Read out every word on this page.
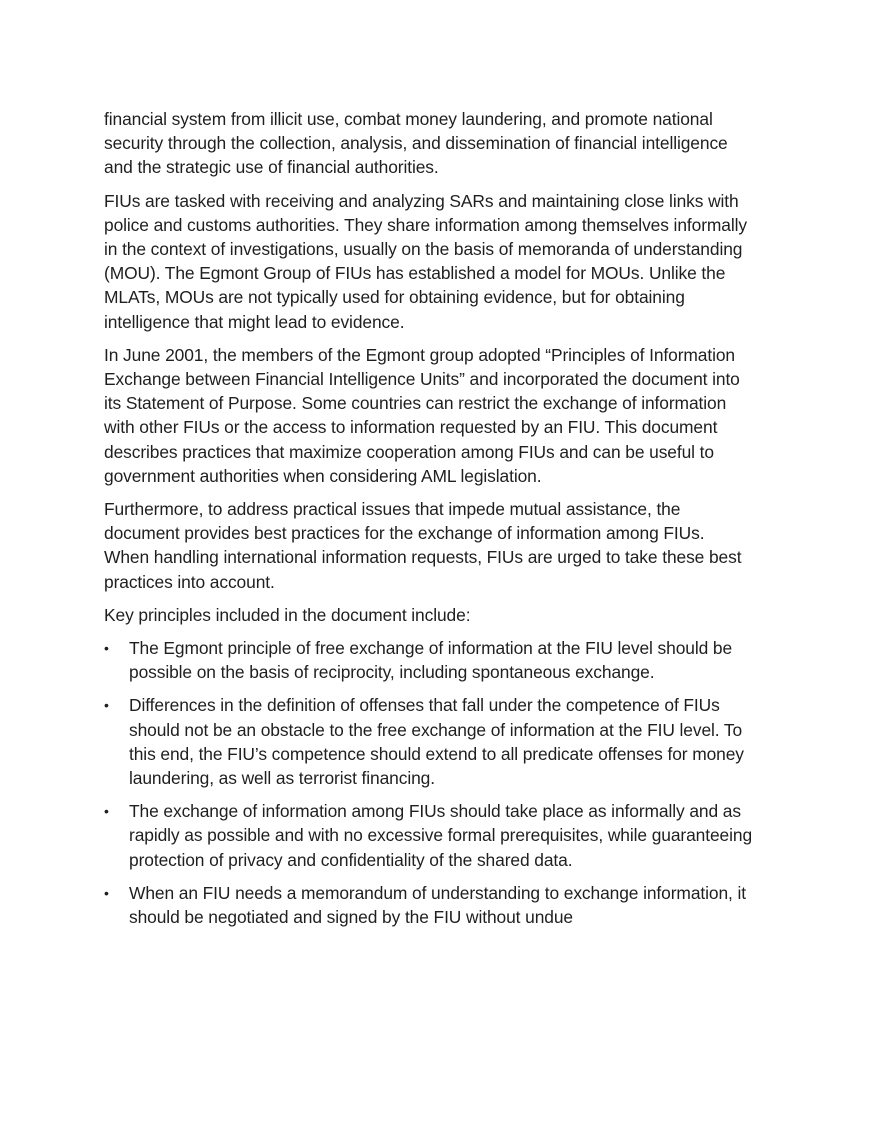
financial system from illicit use, combat money laundering, and promote national security through the collection, analysis, and dissemination of financial intelligence and the strategic use of financial authorities.

FIUs are tasked with receiving and analyzing SARs and maintaining close links with police and customs authorities. They share information among themselves informally in the context of investigations, usually on the basis of memoranda of understanding (MOU). The Egmont Group of FIUs has established a model for MOUs. Unlike the MLATs, MOUs are not typically used for obtaining evidence, but for obtaining intelligence that might lead to evidence.

In June 2001, the members of the Egmont group adopted “Principles of Information Exchange between Financial Intelligence Units” and incorporated the document into its Statement of Purpose. Some countries can restrict the exchange of information with other FIUs or the access to information requested by an FIU. This document describes practices that maximize cooperation among FIUs and can be useful to government authorities when considering AML legislation.

Furthermore, to address practical issues that impede mutual assistance, the document provides best practices for the exchange of information among FIUs. When handling international information requests, FIUs are urged to take these best practices into account.

Key principles included in the document include:

•	The Egmont principle of free exchange of information at the FIU level should be possible on the basis of reciprocity, including spontaneous exchange.
•	Differences in the definition of offenses that fall under the competence of FIUs should not be an obstacle to the free exchange of information at the FIU level. To this end, the FIU’s competence should extend to all predicate offenses for money laundering, as well as terrorist financing.
•	The exchange of information among FIUs should take place as informally and as rapidly as possible and with no excessive formal prerequisites, while guaranteeing protection of privacy and confidentiality of the shared data.
•	When an FIU needs a memorandum of understanding to exchange information, it should be negotiated and signed by the FIU without undue
